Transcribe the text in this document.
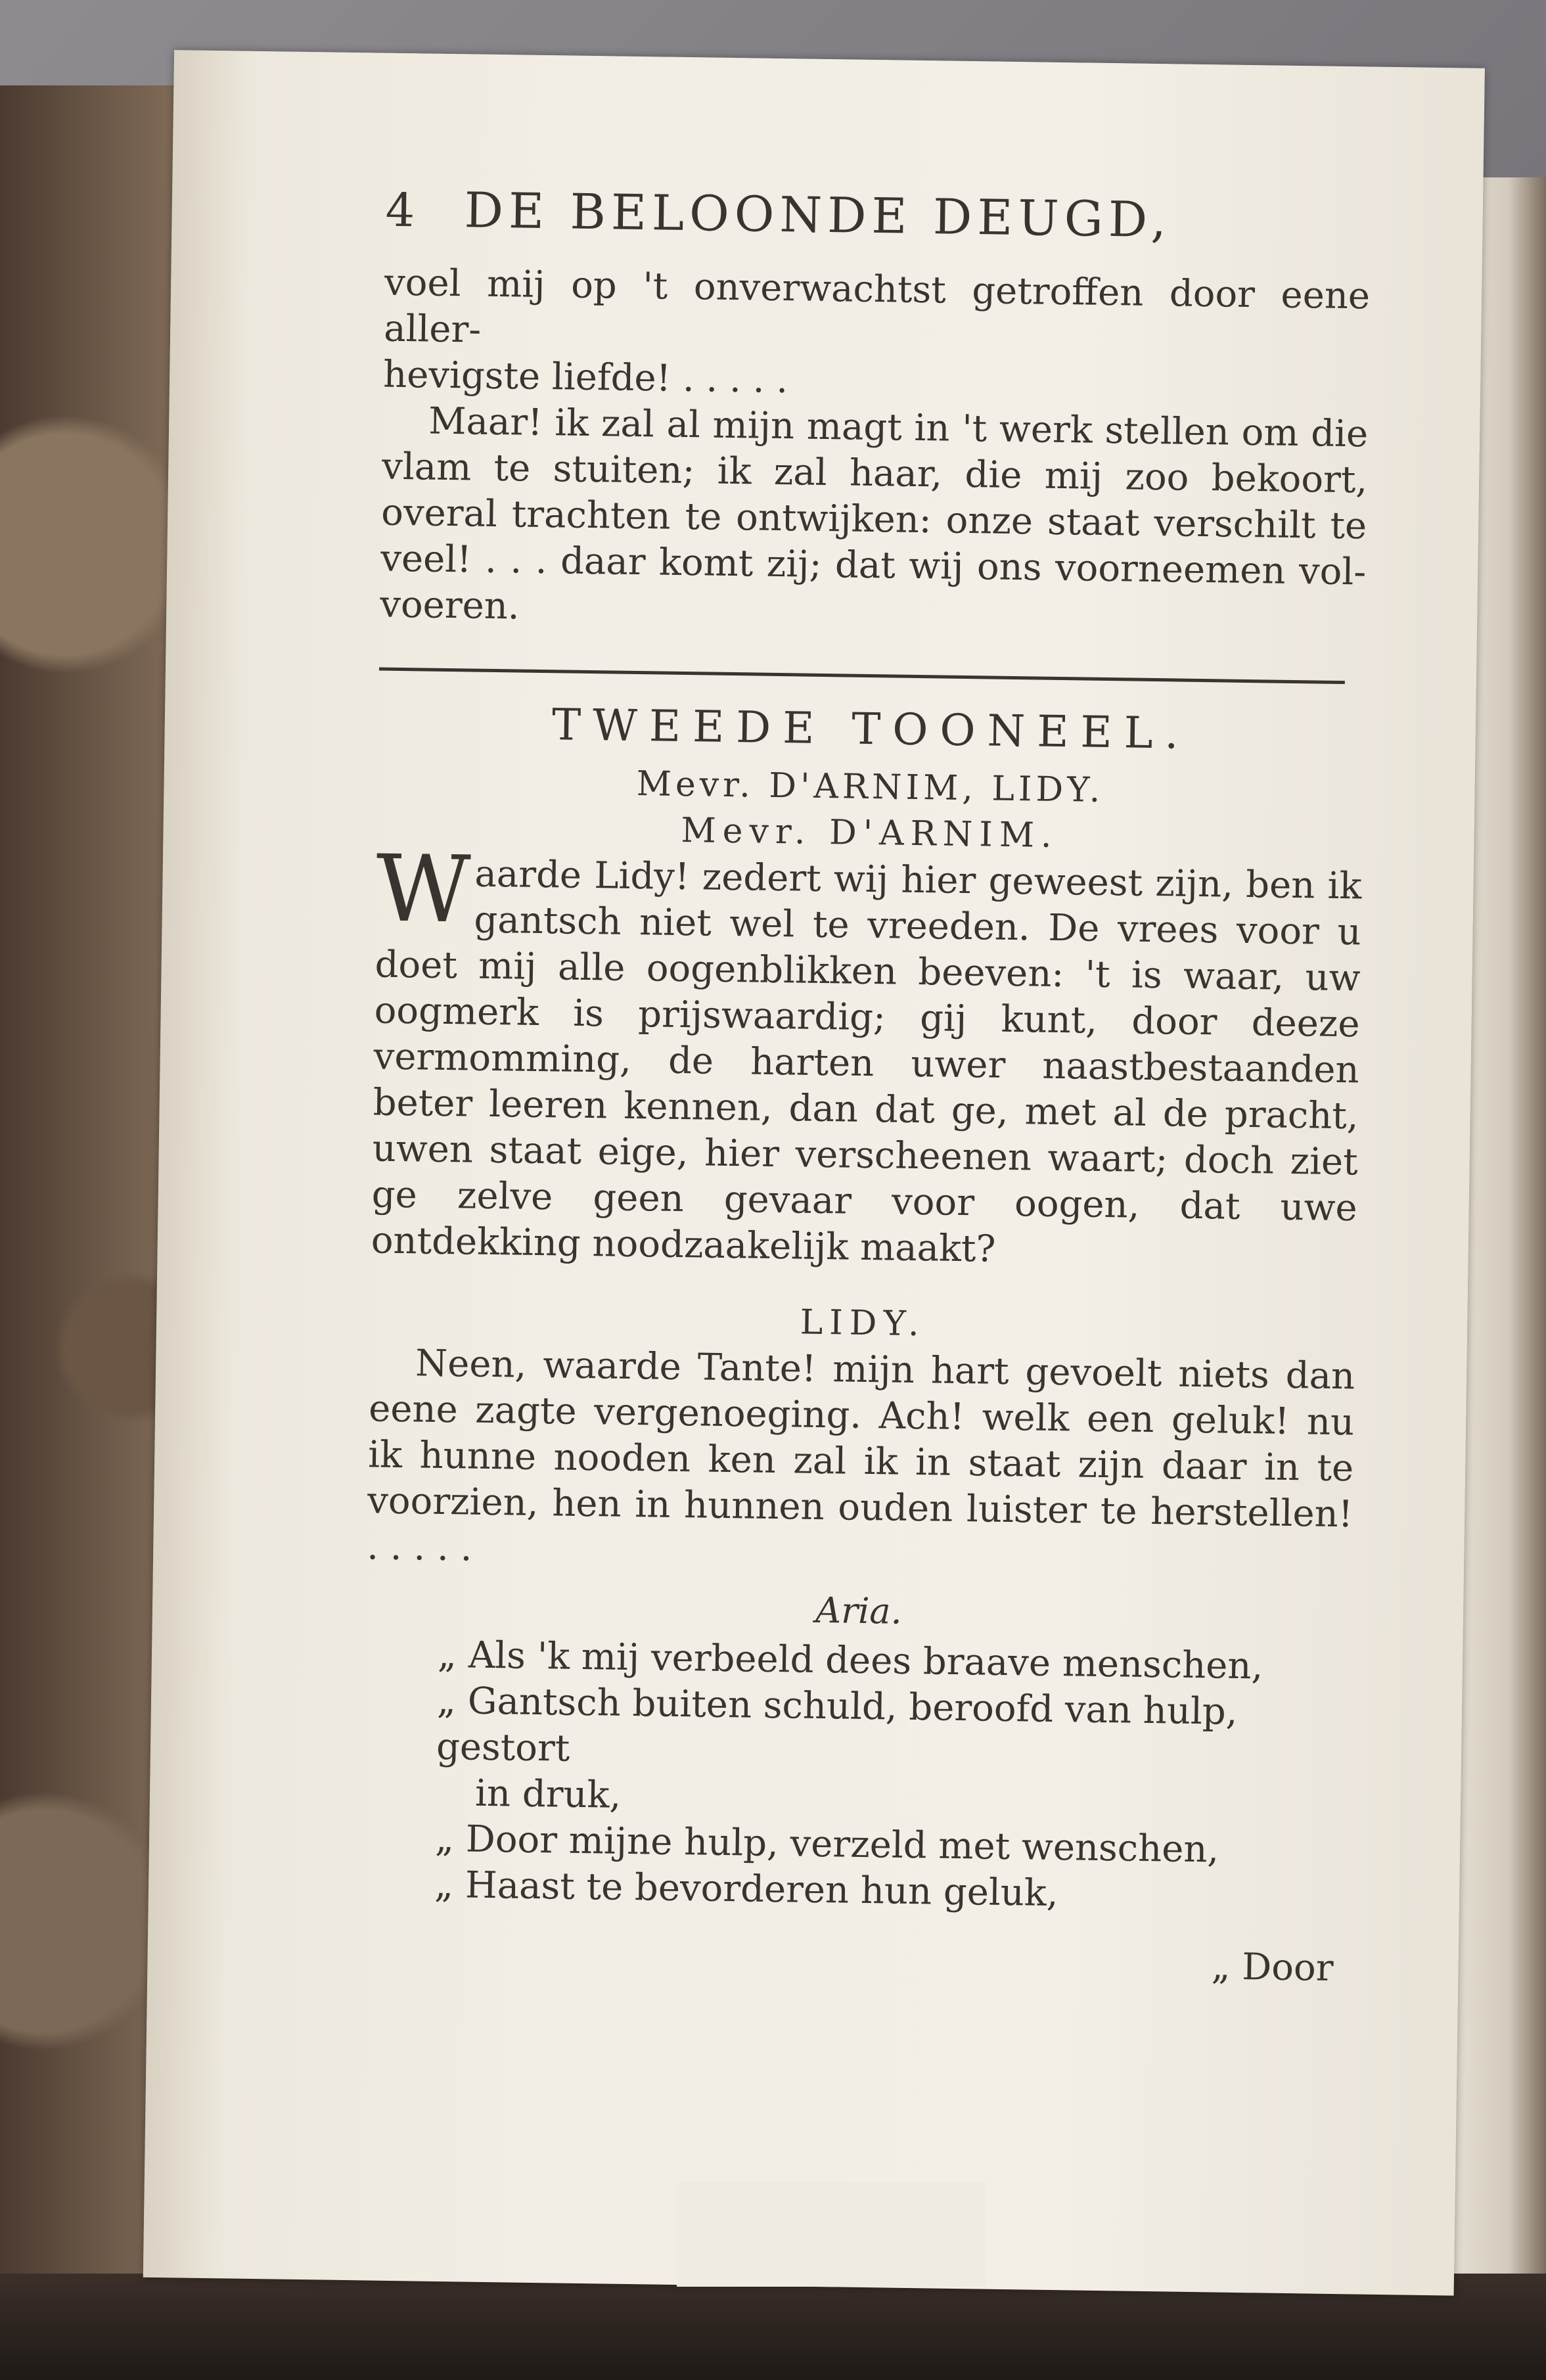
4 DE BELOONDE DEUGD,

voel mij op 't onverwachtst getroffen door eene aller-

hevigste liefde! . . . . .

Maar! ik zal al mijn magt in 't werk stellen om die vlam te stuiten; ik zal haar, die mij zoo bekoort, overal trachten te ontwijken: onze staat verschilt te veel! . . . daar komt zij; dat wij ons voorneemen vol-voeren.

TWEEDE TOONEEL.
Mevr. D'ARNIM, LIDY.
Mevr. D'ARNIM.

W aarde Lidy! zedert wij hier geweest zijn, ben ik gantsch niet wel te vreeden. De vrees voor u doet mij alle oogenblikken beeven: 't is waar, uw oogmerk is prijswaardig; gij kunt, door deeze vermomming, de harten uwer naastbestaanden beter leeren kennen, dan dat ge, met al de pracht, uwen staat eige, hier verscheenen waart; doch ziet ge zelve geen gevaar voor oogen, dat uwe ontdekking noodzaakelijk maakt?

LIDY.

Neen, waarde Tante! mijn hart gevoelt niets dan eene zagte vergenoeging. Ach! welk een geluk! nu ik hunne nooden ken zal ik in staat zijn daar in te voorzien, hen in hunnen ouden luister te herstellen! . . . . .

Aria.
„ Als 'k mij verbeeld dees braave menschen,
„ Gantsch buiten schuld, beroofd van hulp, gestort
in druk,
„ Door mijne hulp, verzeld met wenschen,
„ Haast te bevorderen hun geluk,
„ Door
